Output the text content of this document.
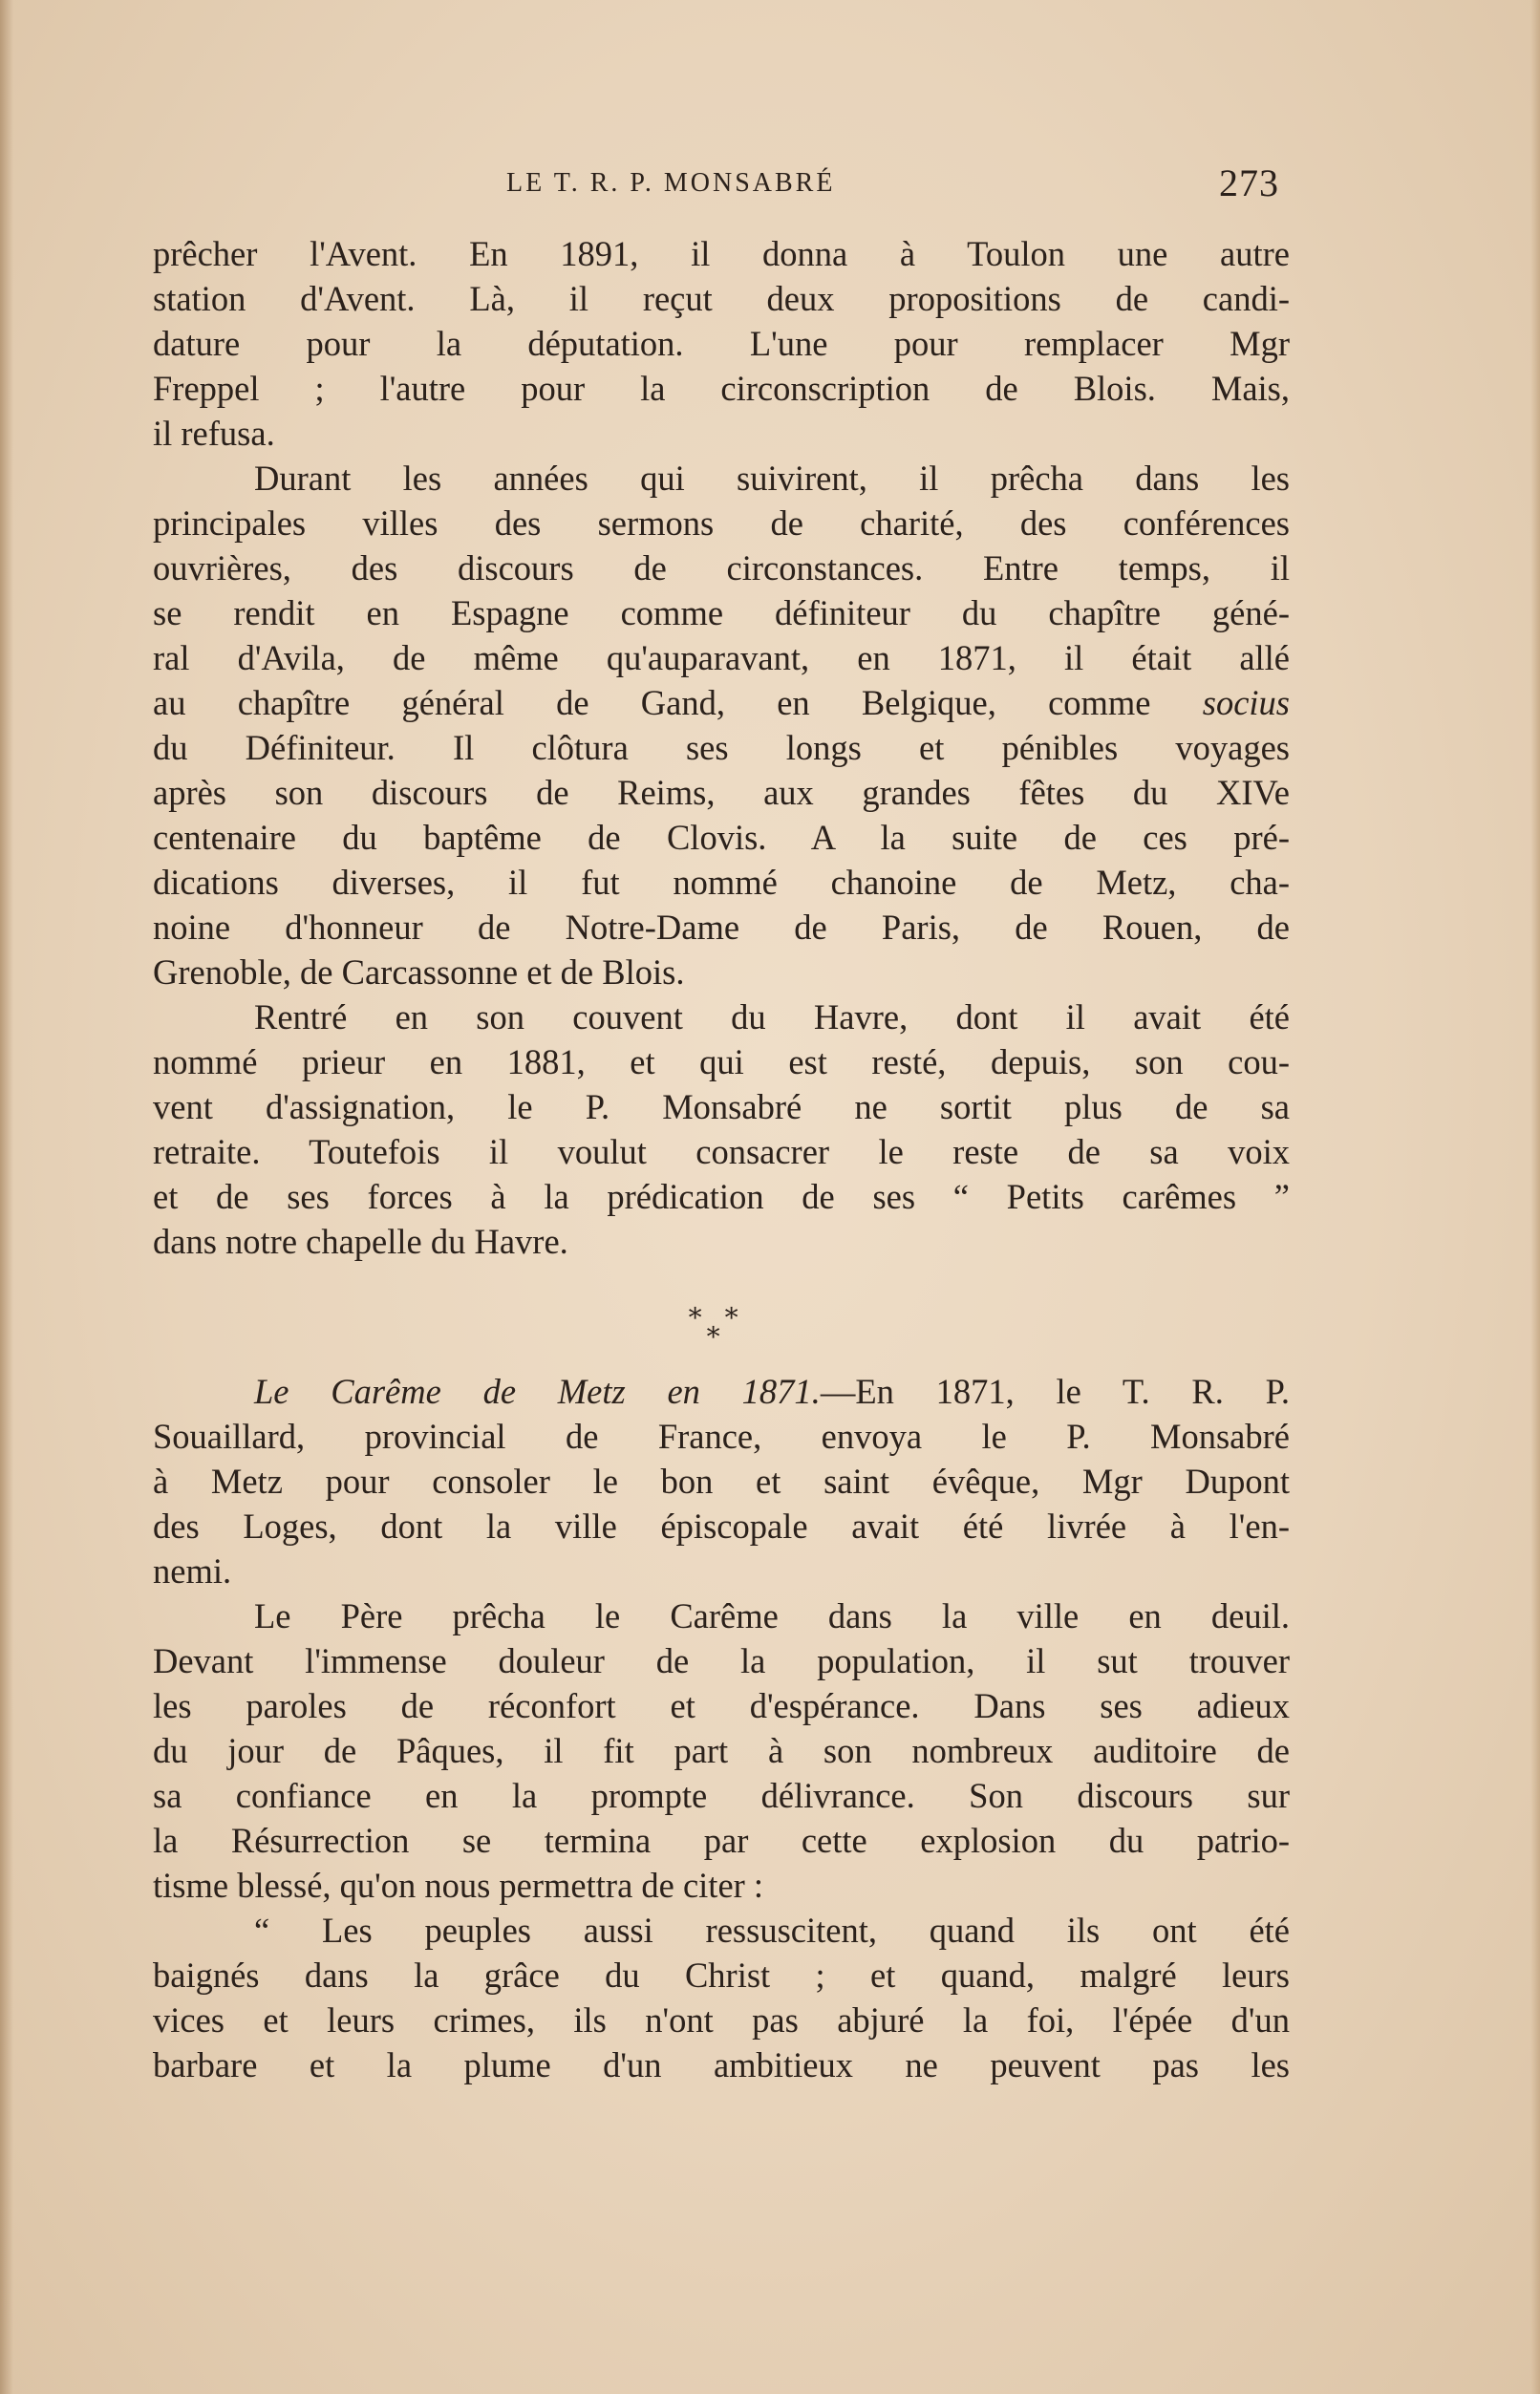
LE T. R. P. MONSABRÉ	273
prêcher l'Avent. En 1891, il donna à Toulon une autre
station d'Avent. Là, il reçut deux propositions de candi-
dature pour la députation. L'une pour remplacer Mgr
Freppel ; l'autre pour la circonscription de Blois. Mais,
il refusa.
Durant les années qui suivirent, il prêcha dans les
principales villes des sermons de charité, des conférences
ouvrières, des discours de circonstances. Entre temps, il
se rendit en Espagne comme définiteur du chapître géné-
ral d'Avila, de même qu'auparavant, en 1871, il était allé
au chapître général de Gand, en Belgique, comme socius
du Définiteur. Il clôtura ses longs et pénibles voyages
après son discours de Reims, aux grandes fêtes du XIVe
centenaire du baptême de Clovis. A la suite de ces pré-
dications diverses, il fut nommé chanoine de Metz, cha-
noine d'honneur de Notre-Dame de Paris, de Rouen, de
Grenoble, de Carcassonne et de Blois.
Rentré en son couvent du Havre, dont il avait été
nommé prieur en 1881, et qui est resté, depuis, son cou-
vent d'assignation, le P. Monsabré ne sortit plus de sa
retraite. Toutefois il voulut consacrer le reste de sa voix
et de ses forces à la prédication de ses “ Petits carêmes ”
dans notre chapelle du Havre.
∗ ∗
∗
Le Carême de Metz en 1871.—En 1871, le T. R. P.
Souaillard, provincial de France, envoya le P. Monsabré
à Metz pour consoler le bon et saint évêque, Mgr Dupont
des Loges, dont la ville épiscopale avait été livrée à l'en-
nemi.
Le Père prêcha le Carême dans la ville en deuil.
Devant l'immense douleur de la population, il sut trouver
les paroles de réconfort et d'espérance. Dans ses adieux
du jour de Pâques, il fit part à son nombreux auditoire de
sa confiance en la prompte délivrance. Son discours sur
la Résurrection se termina par cette explosion du patrio-
tisme blessé, qu'on nous permettra de citer :
“ Les peuples aussi ressuscitent, quand ils ont été
baignés dans la grâce du Christ ; et quand, malgré leurs
vices et leurs crimes, ils n'ont pas abjuré la foi, l'épée d'un
barbare et la plume d'un ambitieux ne peuvent pas les
